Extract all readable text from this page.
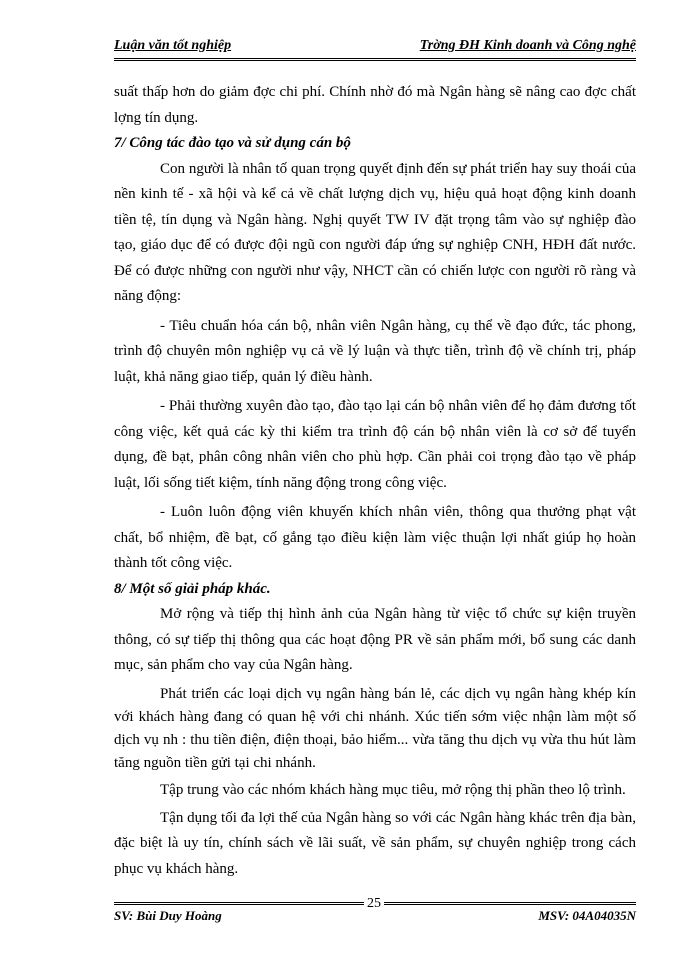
Luận văn tốt nghiệp	Trờng ĐH Kinh doanh và Công nghệ

suất thấp hơn do giảm đợc chi phí. Chính nhờ đó mà Ngân hàng sẽ nâng cao đợc chất lợng tín dụng.

7/ Công tác đào tạo và sử dụng cán bộ

Con người là nhân tố quan trọng quyết định đến sự phát triển hay suy thoái của nền kinh tế - xã hội và kể cả về chất lượng dịch vụ, hiệu quả hoạt động kinh doanh tiền tệ, tín dụng và Ngân hàng. Nghị quyết TW IV đặt trọng tâm vào sự nghiệp đào tạo, giáo dục để có được đội ngũ con người đáp ứng sự nghiệp CNH, HĐH đất nước. Để có được những con người như vậy, NHCT cần có chiến lược con người rõ ràng và năng động:

- Tiêu chuẩn hóa cán bộ, nhân viên Ngân hàng, cụ thể về đạo đức, tác phong, trình độ chuyên môn nghiệp vụ cả về lý luận và thực tiễn, trình độ về chính trị, pháp luật, khả năng giao tiếp, quản lý điều hành.

- Phải thường xuyên đào tạo, đào tạo lại cán bộ nhân viên để họ đảm đương tốt công việc, kết quả các kỳ thi kiểm tra trình độ cán bộ nhân viên là cơ sở để tuyển dụng, đề bạt, phân công nhân viên cho phù hợp. Cần phải coi trọng đào tạo về pháp luật, lối sống tiết kiệm, tính năng động trong công việc.

- Luôn luôn động viên khuyến khích nhân viên, thông qua thưởng phạt vật chất, bổ nhiệm, đề bạt, cố gắng tạo điều kiện làm việc thuận lợi nhất giúp họ hoàn thành tốt công việc.

8/ Một số giải pháp khác.

Mở rộng và tiếp thị hình ảnh của Ngân hàng từ việc tổ chức sự kiện truyền thông, có sự tiếp thị thông qua các hoạt động PR về sản phẩm mới, bổ sung các danh mục, sản phẩm cho vay của Ngân hàng.

Phát triển các loại dịch vụ ngân hàng bán lẻ, các dịch vụ ngân hàng khép kín với khách hàng đang có quan hệ với chi nhánh. Xúc tiến sớm việc nhận làm một số dịch vụ nh : thu tiền điện, điện thoại, bảo hiểm... vừa tăng thu dịch vụ vừa thu hút làm tăng nguồn tiền gửi tại chi nhánh.

Tập trung vào các nhóm khách hàng mục tiêu, mở rộng thị phần theo lộ trình.

Tận dụng tối đa lợi thế của Ngân hàng so với các Ngân hàng khác trên địa bàn, đặc biệt là uy tín, chính sách về lãi suất, về sản phẩm, sự chuyên nghiệp trong cách phục vụ khách hàng.

25
SV: Bùi Duy Hoàng	MSV: 04A04035N
